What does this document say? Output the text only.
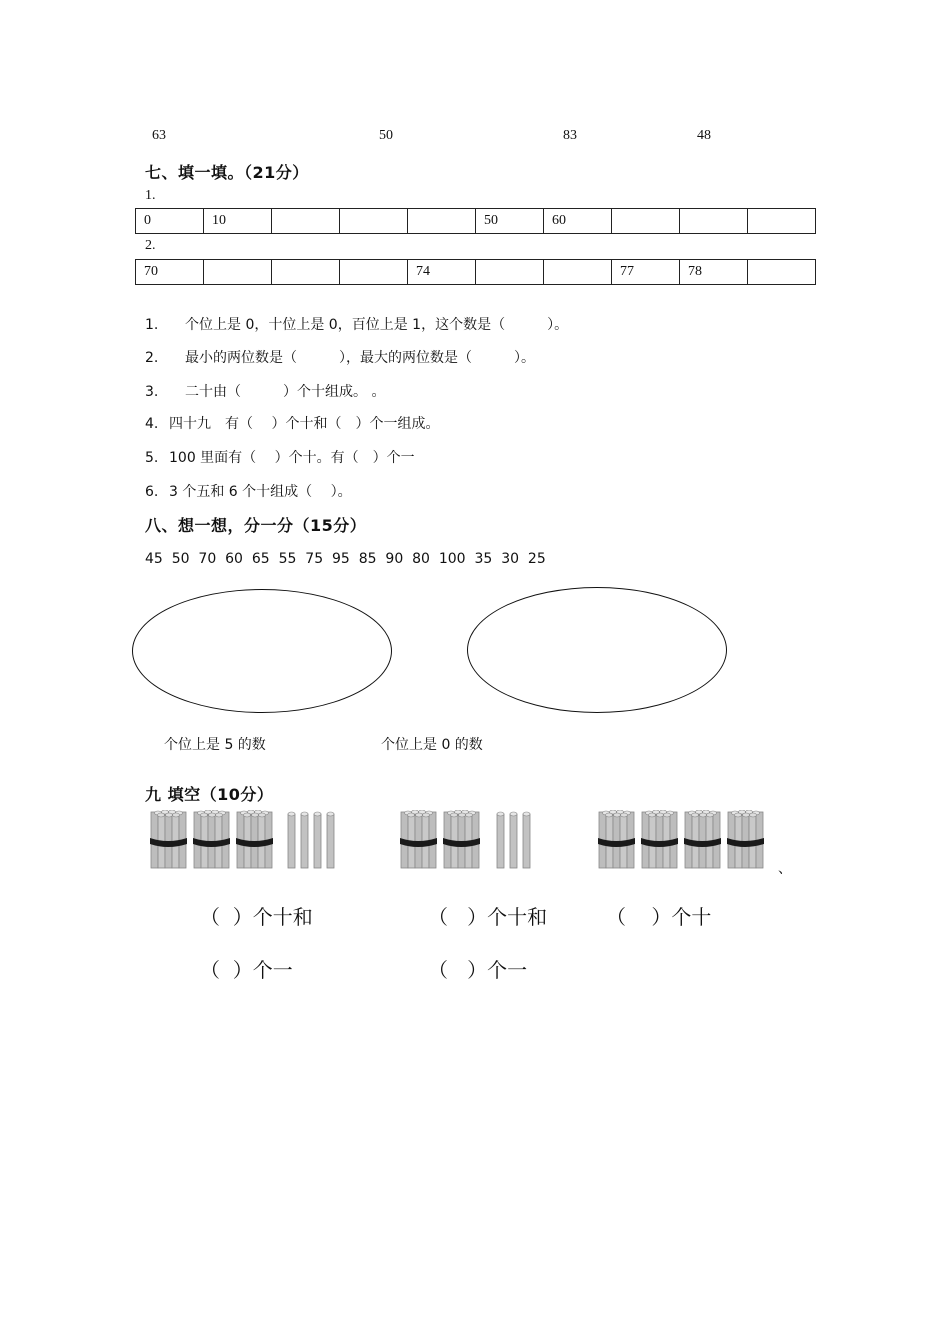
63	50	83	48
七、填一填。（21分）
1.
0	10				50	60			
2.
70				74			77	78	
1. 个位上是 0，十位上是 0，百位上是 1，这个数是（　　　）。
2. 最小的两位数是（　　　），最大的两位数是（　　　）。
3. 二十由（　　　）个十组成。 。
4. 四十九　有（　 ）个十和（　）个一组成。
5. 100 里面有（　 ）个十。有（　）个一
6. 3 个五和 6 个十组成（　 ）。
八、想一想，分一分（15分）
45  50  70  60  65  55  75  95  85  90  80  100  35  30  25
个位上是 5 的数	个位上是 0 的数
九 填空（10分）
、
（  ）个十和	（   ）个十和	（    ）个十
（  ）个一	（   ）个一
